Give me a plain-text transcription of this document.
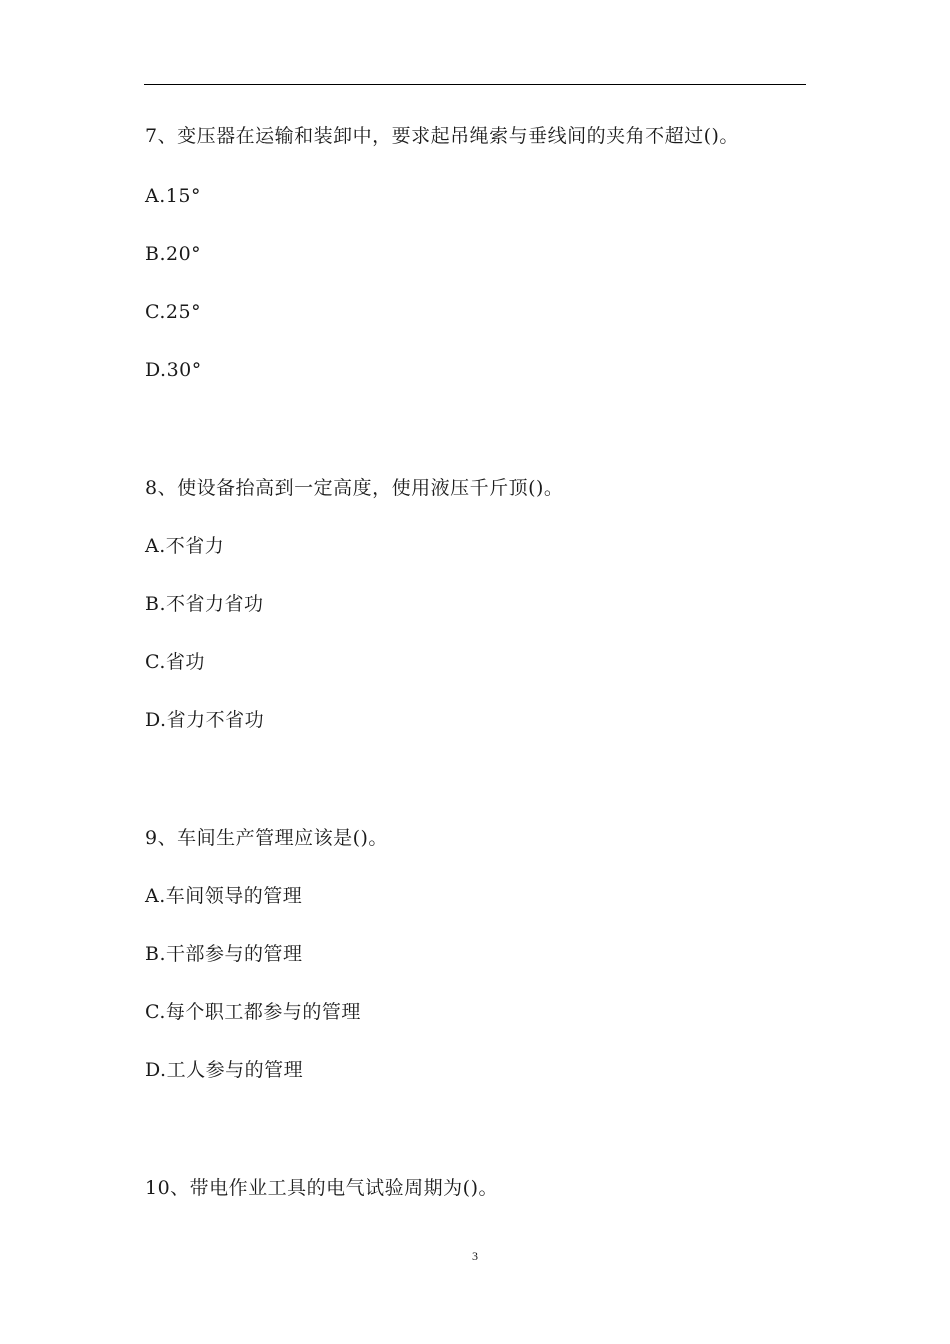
7、变压器在运输和装卸中，要求起吊绳索与垂线间的夹角不超过()。
A.15°
B.20°
C.25°
D.30°
8、使设备抬高到一定高度，使用液压千斤顶()。
A.不省力
B.不省力省功
C.省功
D.省力不省功
9、车间生产管理应该是()。
A.车间领导的管理
B.干部参与的管理
C.每个职工都参与的管理
D.工人参与的管理
10、带电作业工具的电气试验周期为()。
3
